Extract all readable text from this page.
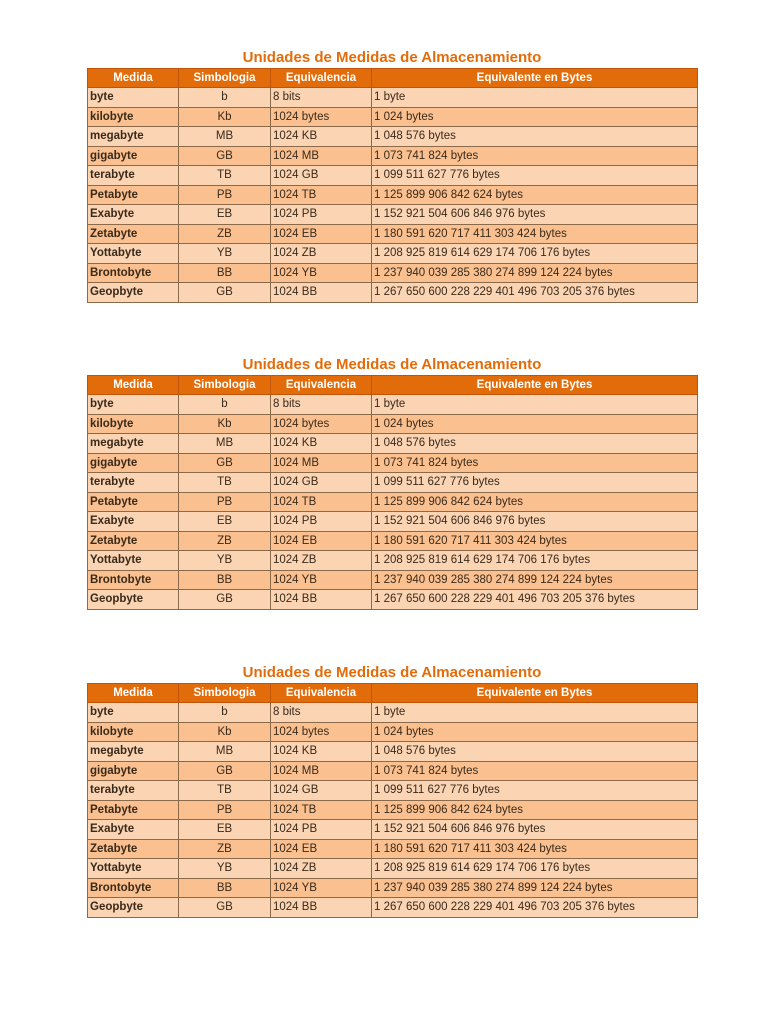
Unidades de Medidas de Almacenamiento
Medida	Simbologia	Equivalencia	Equivalente en Bytes
byte	b	8 bits	1 byte
kilobyte	Kb	1024 bytes	1 024 bytes
megabyte	MB	1024 KB	1 048 576 bytes
gigabyte	GB	1024 MB	1 073 741 824 bytes
terabyte	TB	1024 GB	1 099 511 627 776 bytes
Petabyte	PB	1024 TB	1 125 899 906 842 624 bytes
Exabyte	EB	1024 PB	1 152 921 504 606 846 976 bytes
Zetabyte	ZB	1024 EB	1 180 591 620 717 411 303 424 bytes
Yottabyte	YB	1024 ZB	1 208 925 819 614 629 174 706 176 bytes
Brontobyte	BB	1024 YB	1 237 940 039 285 380 274 899 124 224 bytes
Geopbyte	GB	1024 BB	1 267 650 600 228 229 401 496 703 205 376 bytes
Unidades de Medidas de Almacenamiento
Medida	Simbologia	Equivalencia	Equivalente en Bytes
byte	b	8 bits	1 byte
kilobyte	Kb	1024 bytes	1 024 bytes
megabyte	MB	1024 KB	1 048 576 bytes
gigabyte	GB	1024 MB	1 073 741 824 bytes
terabyte	TB	1024 GB	1 099 511 627 776 bytes
Petabyte	PB	1024 TB	1 125 899 906 842 624 bytes
Exabyte	EB	1024 PB	1 152 921 504 606 846 976 bytes
Zetabyte	ZB	1024 EB	1 180 591 620 717 411 303 424 bytes
Yottabyte	YB	1024 ZB	1 208 925 819 614 629 174 706 176 bytes
Brontobyte	BB	1024 YB	1 237 940 039 285 380 274 899 124 224 bytes
Geopbyte	GB	1024 BB	1 267 650 600 228 229 401 496 703 205 376 bytes
Unidades de Medidas de Almacenamiento
Medida	Simbologia	Equivalencia	Equivalente en Bytes
byte	b	8 bits	1 byte
kilobyte	Kb	1024 bytes	1 024 bytes
megabyte	MB	1024 KB	1 048 576 bytes
gigabyte	GB	1024 MB	1 073 741 824 bytes
terabyte	TB	1024 GB	1 099 511 627 776 bytes
Petabyte	PB	1024 TB	1 125 899 906 842 624 bytes
Exabyte	EB	1024 PB	1 152 921 504 606 846 976 bytes
Zetabyte	ZB	1024 EB	1 180 591 620 717 411 303 424 bytes
Yottabyte	YB	1024 ZB	1 208 925 819 614 629 174 706 176 bytes
Brontobyte	BB	1024 YB	1 237 940 039 285 380 274 899 124 224 bytes
Geopbyte	GB	1024 BB	1 267 650 600 228 229 401 496 703 205 376 bytes
